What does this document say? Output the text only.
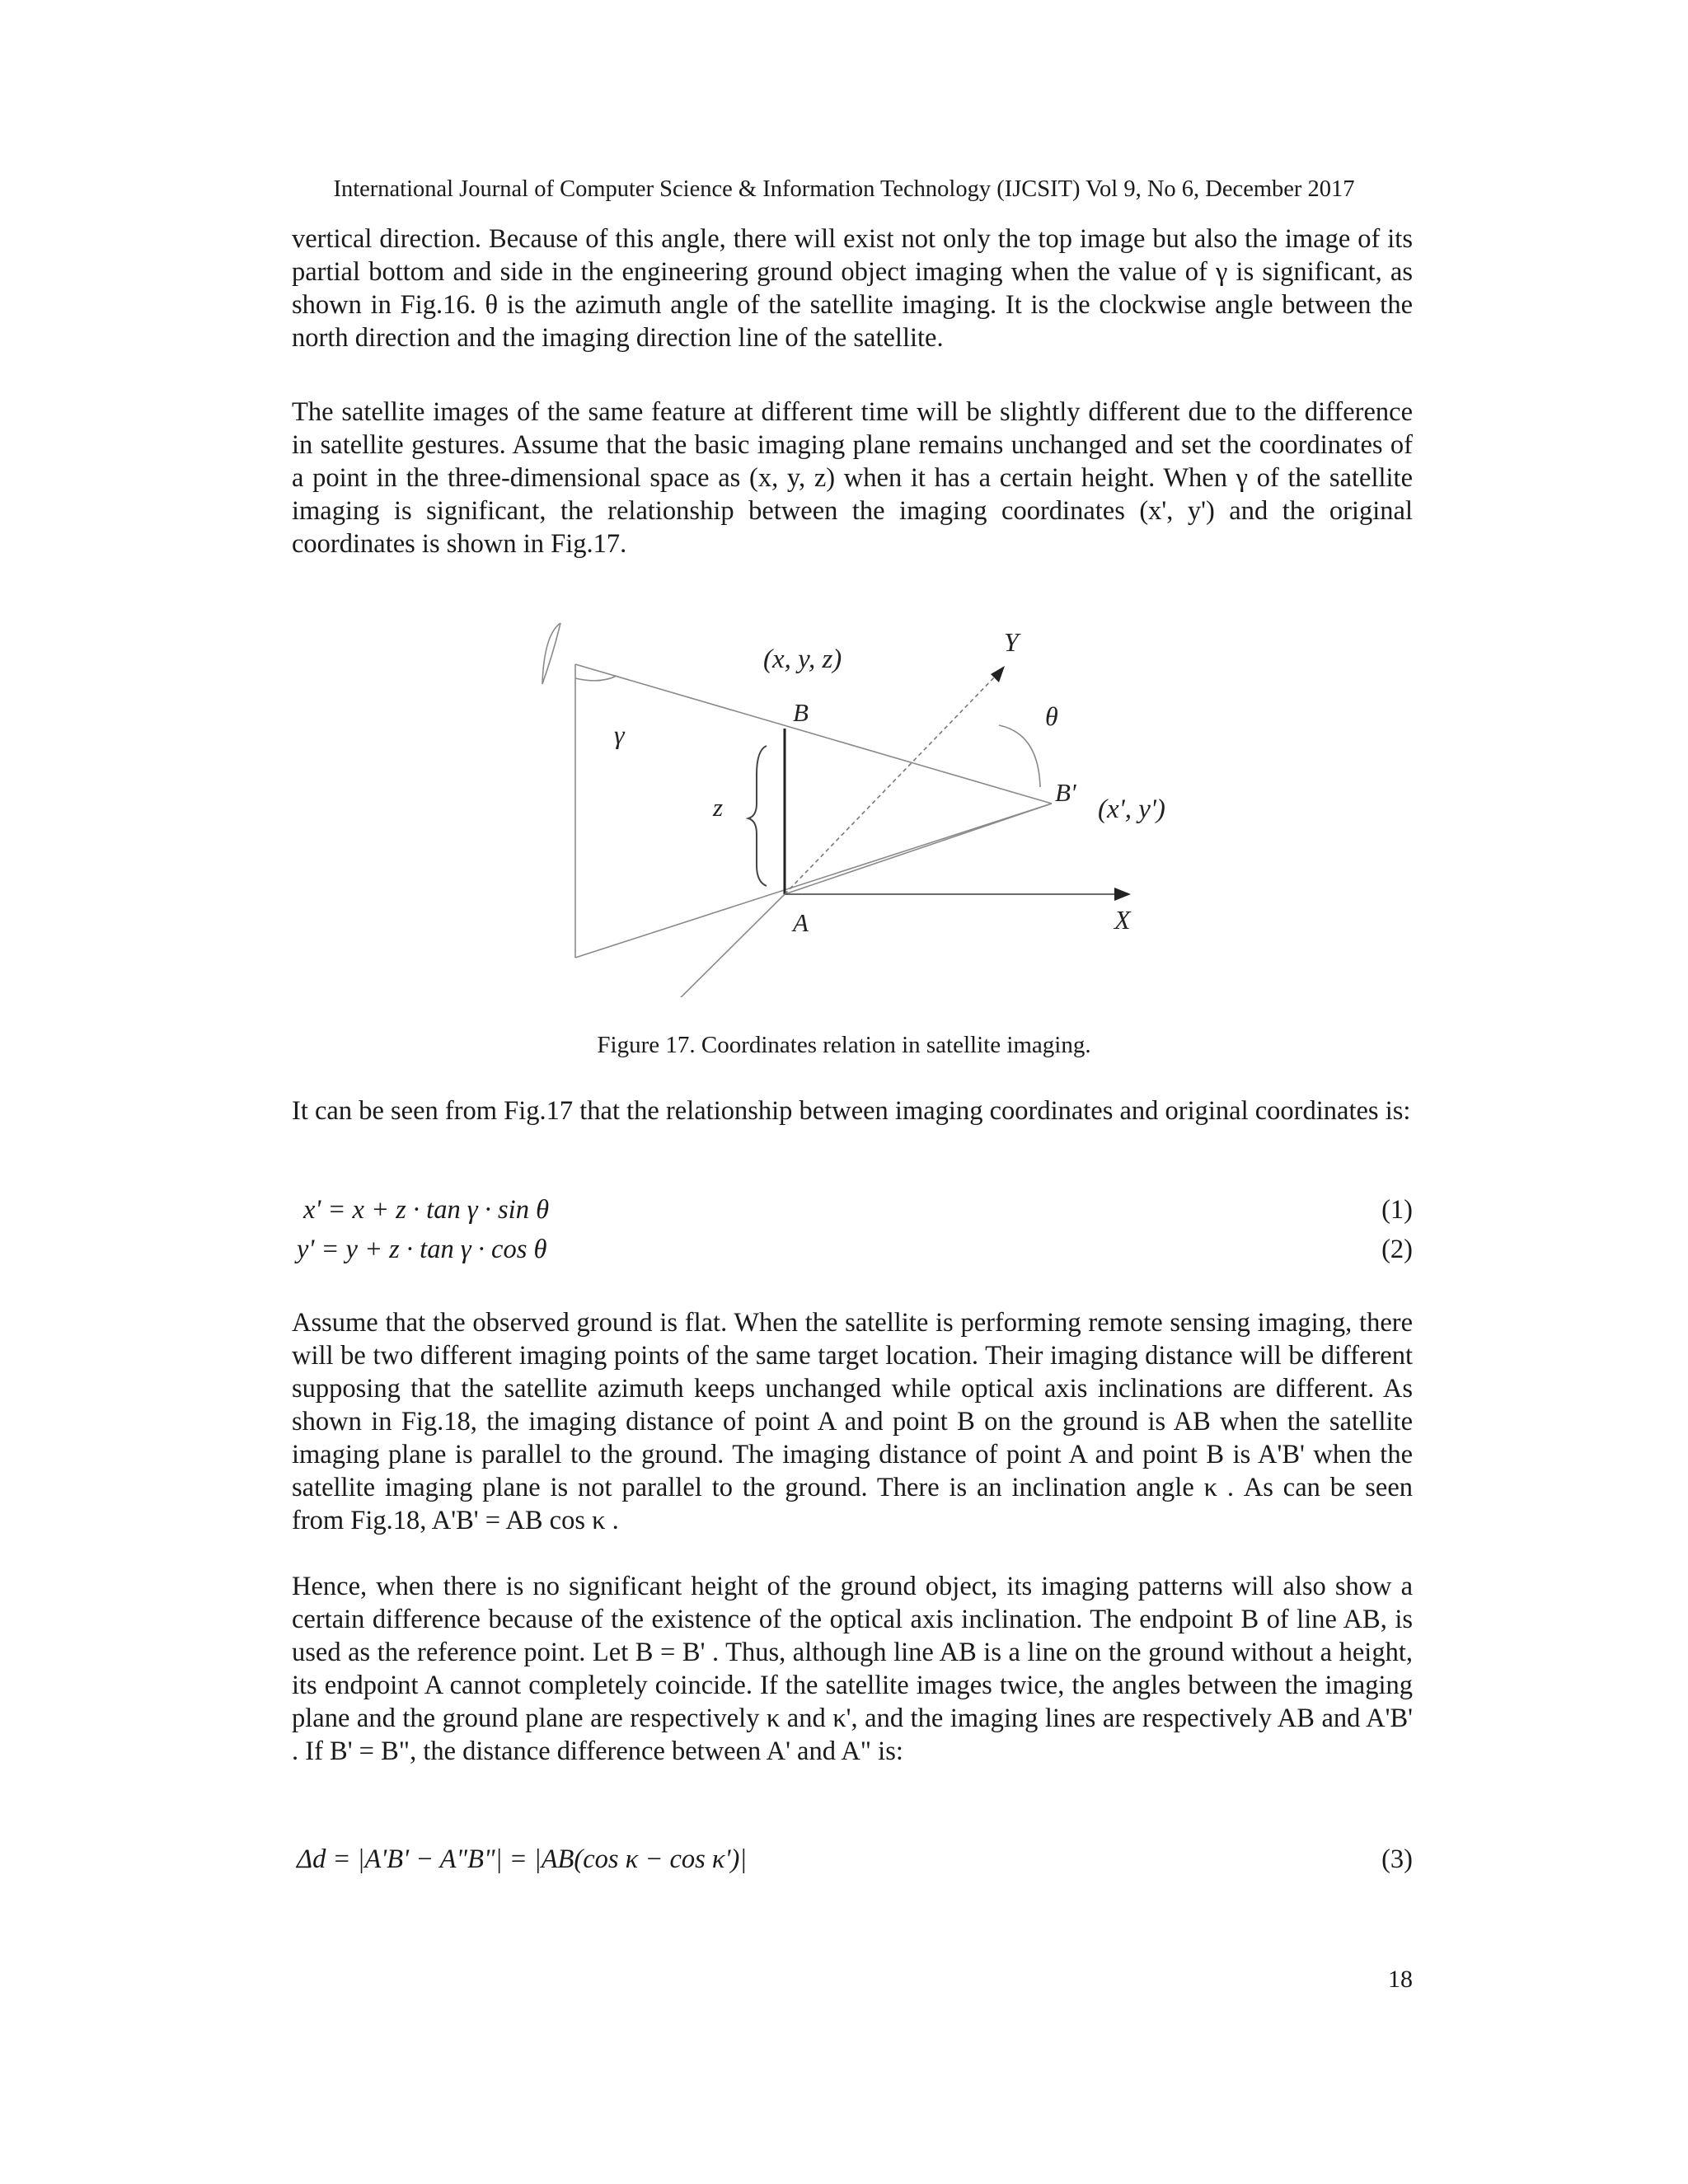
International Journal of Computer Science & Information Technology (IJCSIT) Vol 9, No 6, December 2017

vertical direction. Because of this angle, there will exist not only the top image but also the image of its partial bottom and side in the engineering ground object imaging when the value of γ is significant, as shown in Fig.16. θ is the azimuth angle of the satellite imaging. It is the clockwise angle between the north direction and the imaging direction line of the satellite.

The satellite images of the same feature at different time will be slightly different due to the difference in satellite gestures. Assume that the basic imaging plane remains unchanged and set the coordinates of a point in the three-dimensional space as (x, y, z) when it has a certain height. When γ of the satellite imaging is significant, the relationship between the imaging coordinates (x', y') and the original coordinates is shown in Fig.17.

(x, y, z)
Y
B	θ
γ
B'
(x', y')
z
A	X
Figure 17. Coordinates relation in satellite imaging.

It can be seen from Fig.17 that the relationship between imaging coordinates and original coordinates is:

x' = x + z · tan γ · sin θ	(1)
y' = y + z · tan γ · cos θ	(2)

Assume that the observed ground is flat. When the satellite is performing remote sensing imaging, there will be two different imaging points of the same target location. Their imaging distance will be different supposing that the satellite azimuth keeps unchanged while optical axis inclinations are different. As shown in Fig.18, the imaging distance of point A and point B on the ground is AB when the satellite imaging plane is parallel to the ground. The imaging distance of point A and point B is A'B' when the satellite imaging plane is not parallel to the ground. There is an inclination angle κ . As can be seen from Fig.18, A'B' = AB cos κ .

Hence, when there is no significant height of the ground object, its imaging patterns will also show a certain difference because of the existence of the optical axis inclination. The endpoint B of line AB, is used as the reference point. Let B = B' . Thus, although line AB is a line on the ground without a height, its endpoint A cannot completely coincide. If the satellite images twice, the angles between the imaging plane and the ground plane are respectively κ and κ', and the imaging lines are respectively AB and A'B' . If B' = B", the distance difference between A' and A" is:

Δd = |A'B' − A"B"| = |AB(cos κ − cos κ')|	(3)
18
